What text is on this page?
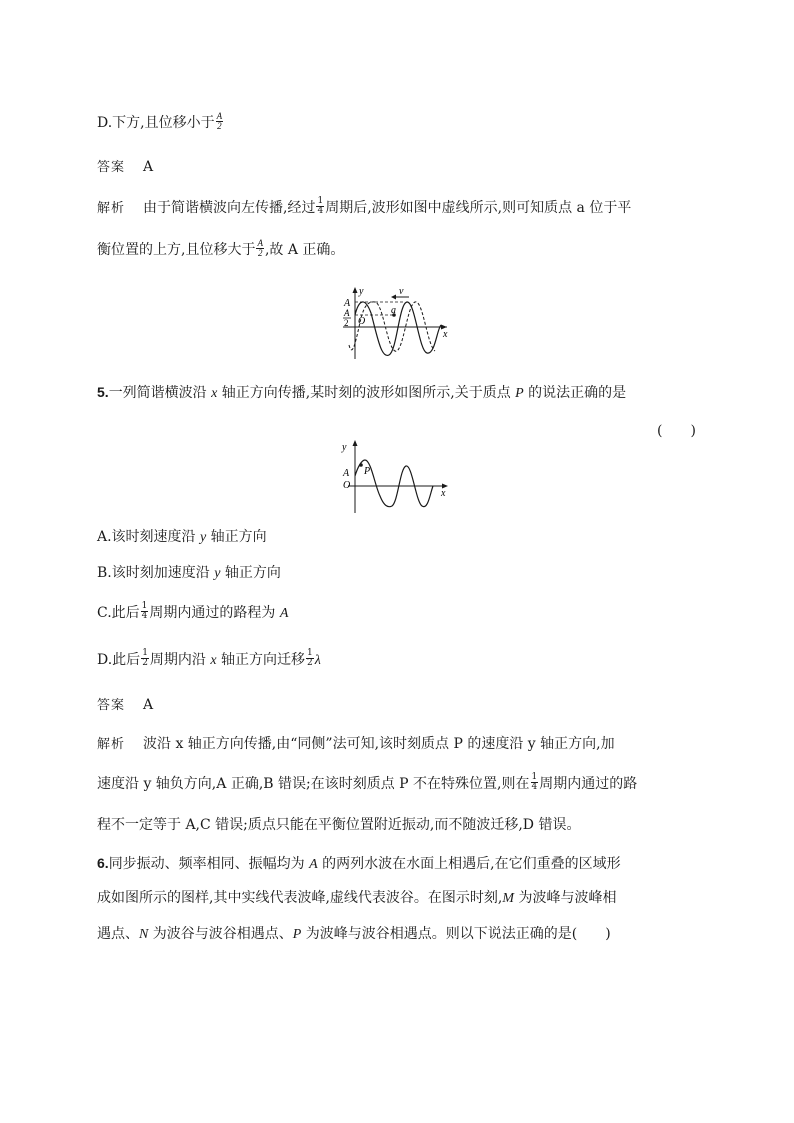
D.下方,且位移小于 $\frac{A}{2}$
答案 A
解析 由于简谐横波向左传播,经过 $\frac{1}{4}$ 周期后,波形如图中虚线所示,则可知质点 a 位于平
衡位置的上方,且位移大于 $\frac{A}{2}$ ,故 A 正确。
v
y
x
A
A
2 O
a
5.一列简谐横波沿 x 轴正方向传播,某时刻的波形如图所示,关于质点 P 的说法正确的是
(　　)
y
x
A
O
P
A.该时刻速度沿 y 轴正方向
B.该时刻加速度沿 y 轴正方向
C.此后 $\frac{1}{4}$ 周期内通过的路程为 A
D.此后 $\frac{1}{2}$ 周期内沿 x 轴正方向迁移 $\frac{1}{2}$ λ
答案 A
解析 波沿 x 轴正方向传播,由“同侧”法可知,该时刻质点 P 的速度沿 y 轴正方向,加
速度沿 y 轴负方向,A 正确,B 错误;在该时刻质点 P 不在特殊位置,则在 $\frac{1}{4}$ 周期内通过的路
程不一定等于 A,C 错误;质点只能在平衡位置附近振动,而不随波迁移,D 错误。
6.同步振动、频率相同、振幅均为 A 的两列水波在水面上相遇后,在它们重叠的区域形
成如图所示的图样,其中实线代表波峰,虚线代表波谷。在图示时刻,M 为波峰与波峰相
遇点、N 为波谷与波谷相遇点、P 为波峰与波谷相遇点。则以下说法正确的是(　　)
